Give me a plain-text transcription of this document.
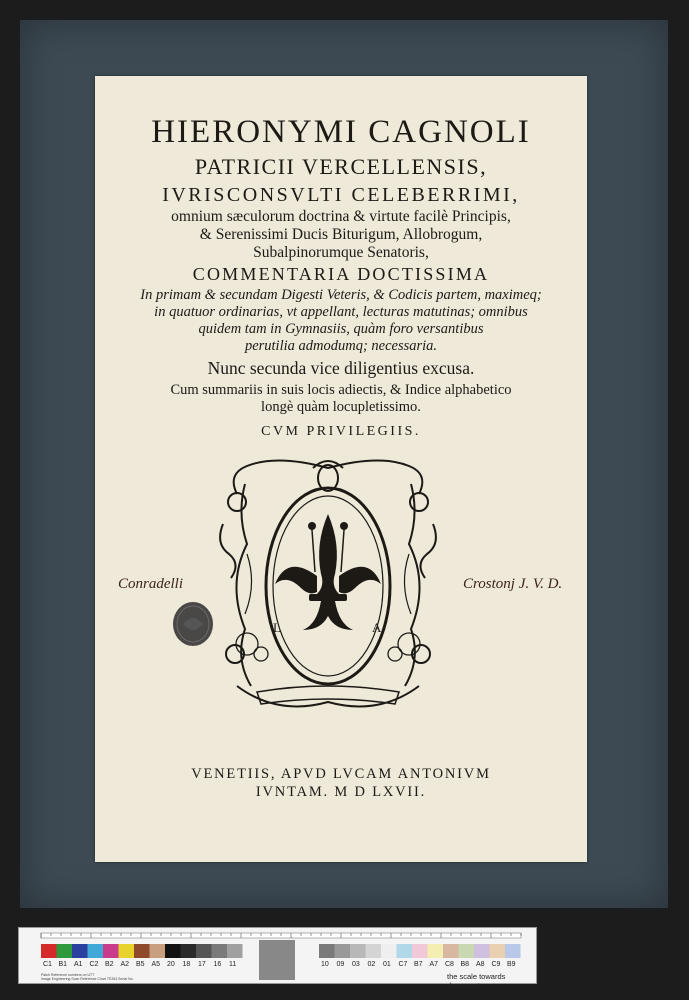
HIERONYMI CAGNOLI
PATRICII VERCELLENSIS,
IVRISCONSVLTI CELEBERRIMI,
omnium sæculorum doctrina & virtute facilè Principis,
& Serenissimi Ducis Biturigum, Allobrogum,
Subalpinorumque Senatoris,
COMMENTARIA DOCTISSIMA
In primam & secundam Digesti Veteris, & Codicis partem, maximeq;
in quatuor ordinarias, vt appellant, lecturas matutinas; omnibus
quidem tam in Gymnasiis, quàm foro versantibus
perutilia admodumq; necessaria.
Nunc secunda vice diligentius excusa.
Cum summariis in suis locis adiectis, & Indice alphabetico
longè quàm locupletissimo.
CVM PRIVILEGIIS.
L	A
Conradelli	Crostonj J. V. D.
VENETIIS, APVD LVCAM ANTONIVM
IVNTAM. M D LXVII.
Patch Reference numbers on UTT
Image Engineering Scan Reference Chart TE263 Serial No.	the scale towards document
C1 B1 A1 C2 B2 A2 B5 A5 20 18 17 16 11	10 09 03 02 01 C7 B7 A7 C8 B8 A8 C9 B9
